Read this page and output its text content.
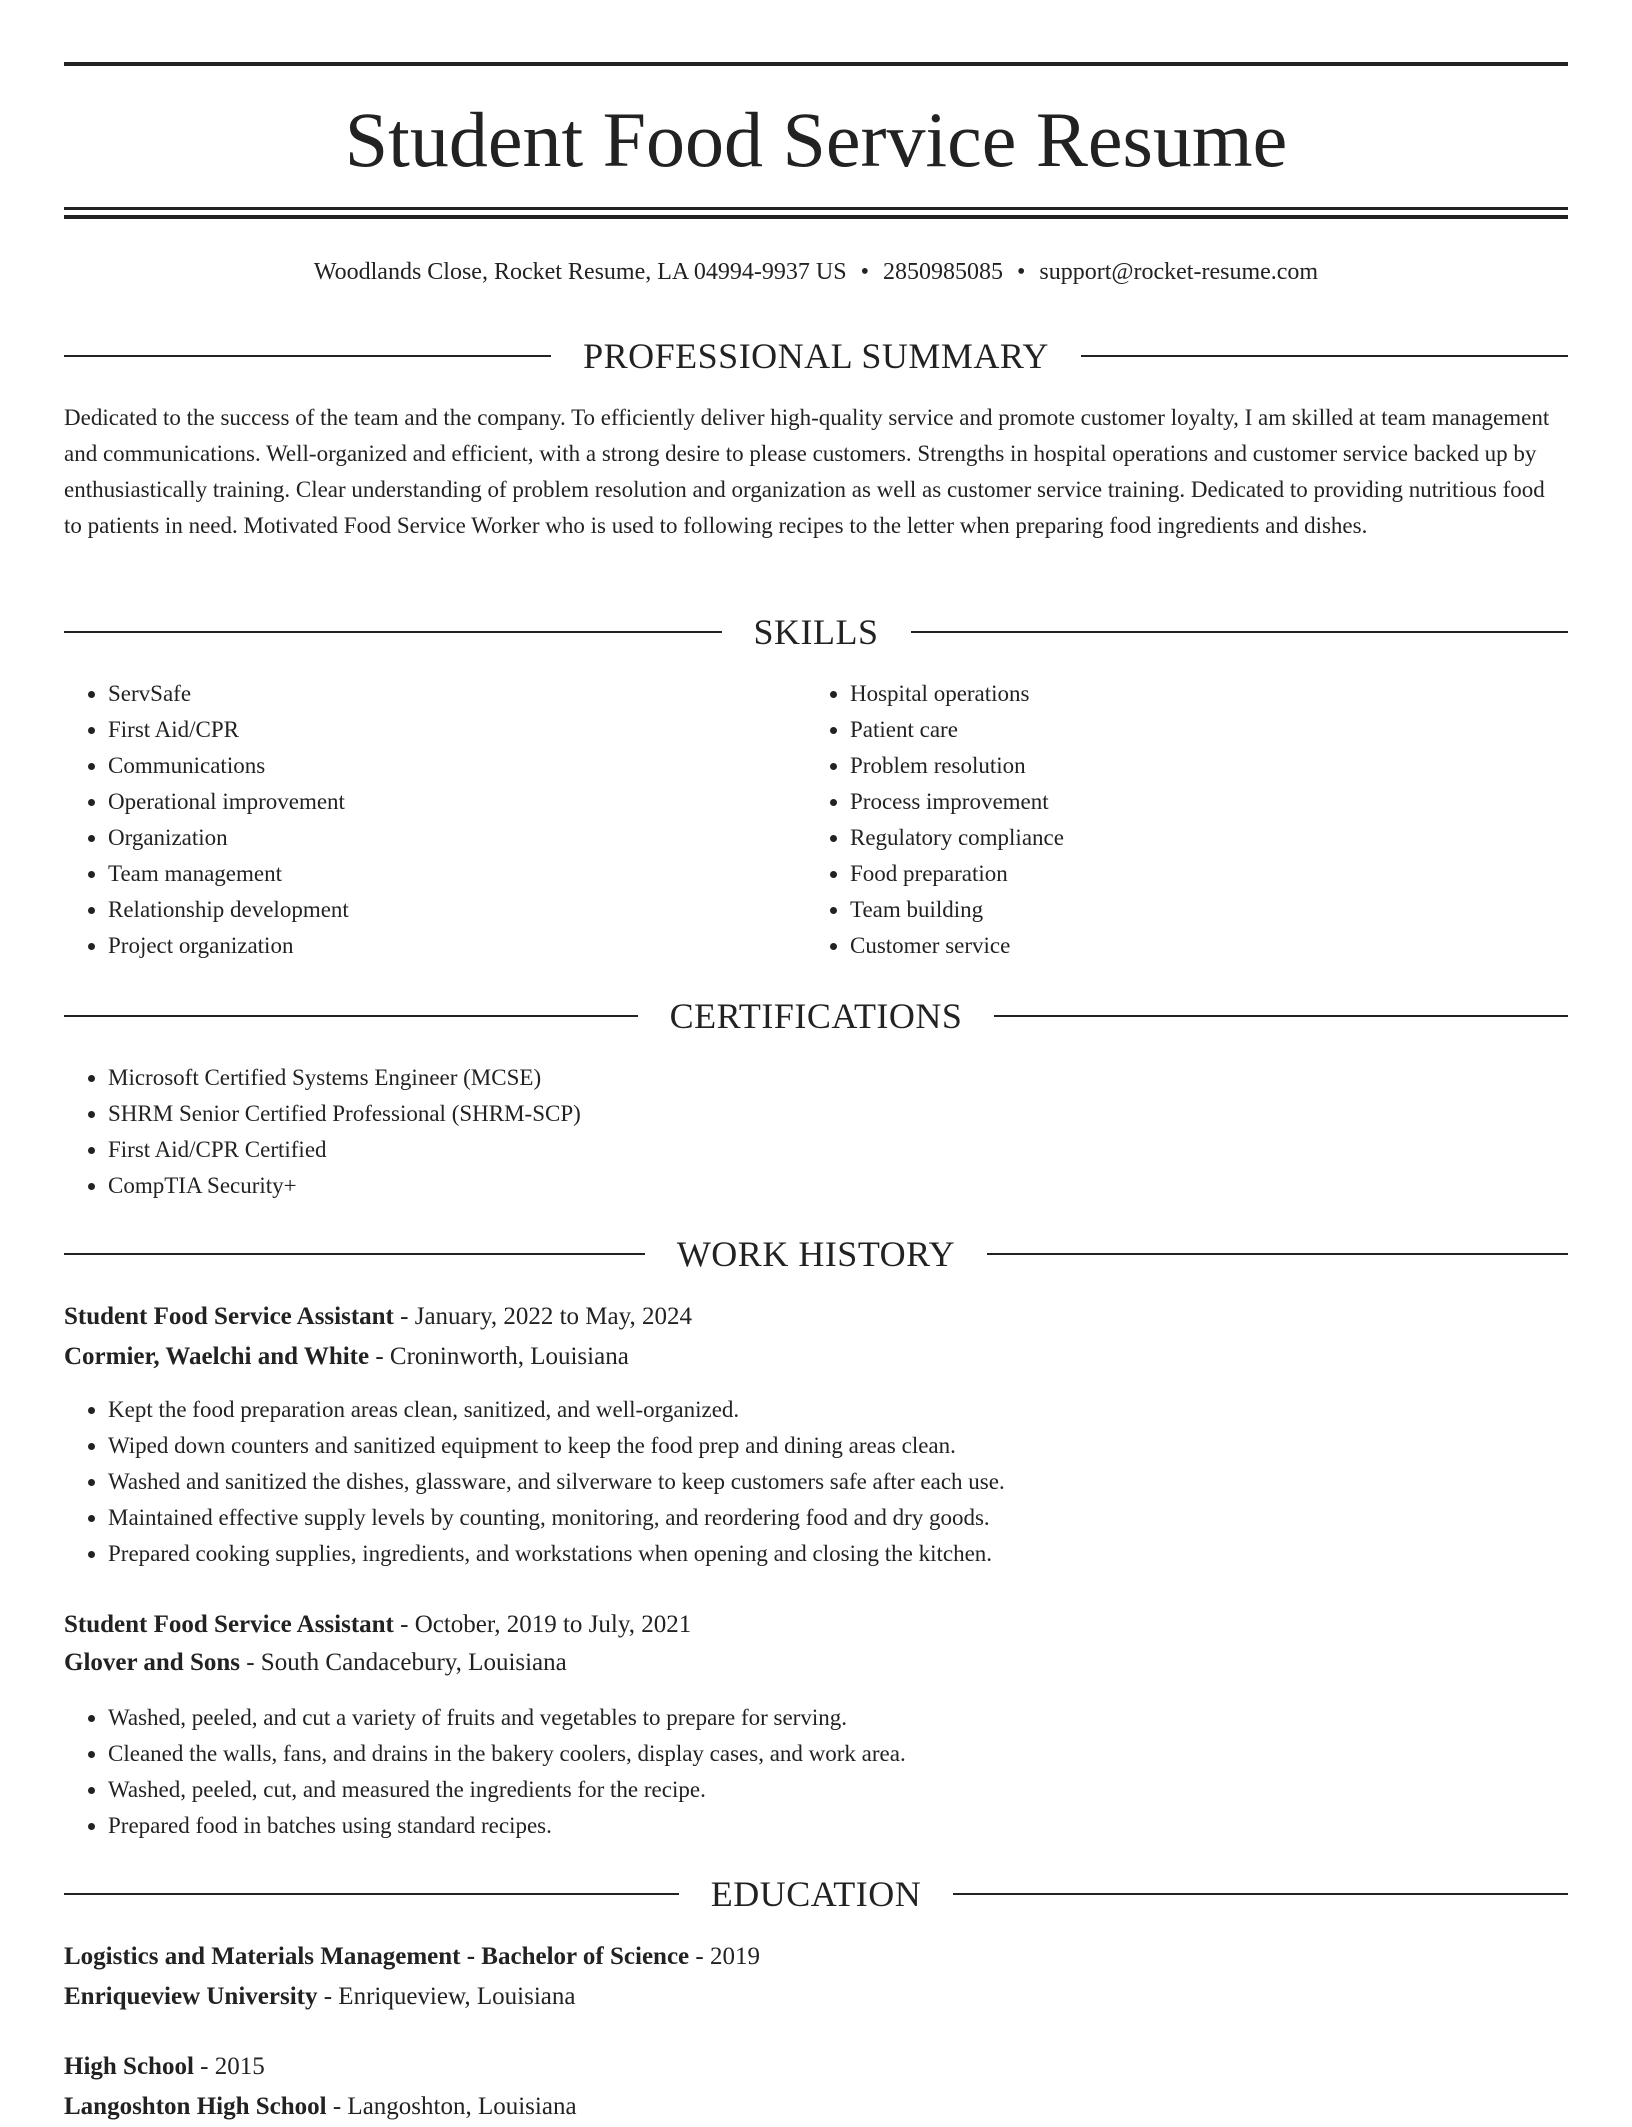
Student Food Service Resume
Woodlands Close, Rocket Resume, LA 04994-9937 US • 2850985085 • support@rocket-resume.com
PROFESSIONAL SUMMARY

Dedicated to the success of the team and the company. To efficiently deliver high-quality service and promote customer loyalty, I am skilled at team management and communications. Well-organized and efficient, with a strong desire to please customers. Strengths in hospital operations and customer service backed up by enthusiastically training. Clear understanding of problem resolution and organization as well as customer service training. Dedicated to providing nutritious food to patients in need. Motivated Food Service Worker who is used to following recipes to the letter when preparing food ingredients and dishes.

SKILLS
• ServSafe
• First Aid/CPR
• Communications
• Operational improvement
• Organization
• Team management
• Relationship development
• Project organization
• Hospital operations
• Patient care
• Problem resolution
• Process improvement
• Regulatory compliance
• Food preparation
• Team building
• Customer service
CERTIFICATIONS
• Microsoft Certified Systems Engineer (MCSE)
• SHRM Senior Certified Professional (SHRM-SCP)
• First Aid/CPR Certified
• CompTIA Security+
WORK HISTORY
Student Food Service Assistant - January, 2022 to May, 2024
Cormier, Waelchi and White - Croninworth, Louisiana
• Kept the food preparation areas clean, sanitized, and well-organized.
• Wiped down counters and sanitized equipment to keep the food prep and dining areas clean.
• Washed and sanitized the dishes, glassware, and silverware to keep customers safe after each use.
• Maintained effective supply levels by counting, monitoring, and reordering food and dry goods.
• Prepared cooking supplies, ingredients, and workstations when opening and closing the kitchen.
Student Food Service Assistant - October, 2019 to July, 2021
Glover and Sons - South Candacebury, Louisiana
• Washed, peeled, and cut a variety of fruits and vegetables to prepare for serving.
• Cleaned the walls, fans, and drains in the bakery coolers, display cases, and work area.
• Washed, peeled, cut, and measured the ingredients for the recipe.
• Prepared food in batches using standard recipes.
EDUCATION
Logistics and Materials Management - Bachelor of Science - 2019
Enriqueview University - Enriqueview, Louisiana
High School - 2015
Langoshton High School - Langoshton, Louisiana
